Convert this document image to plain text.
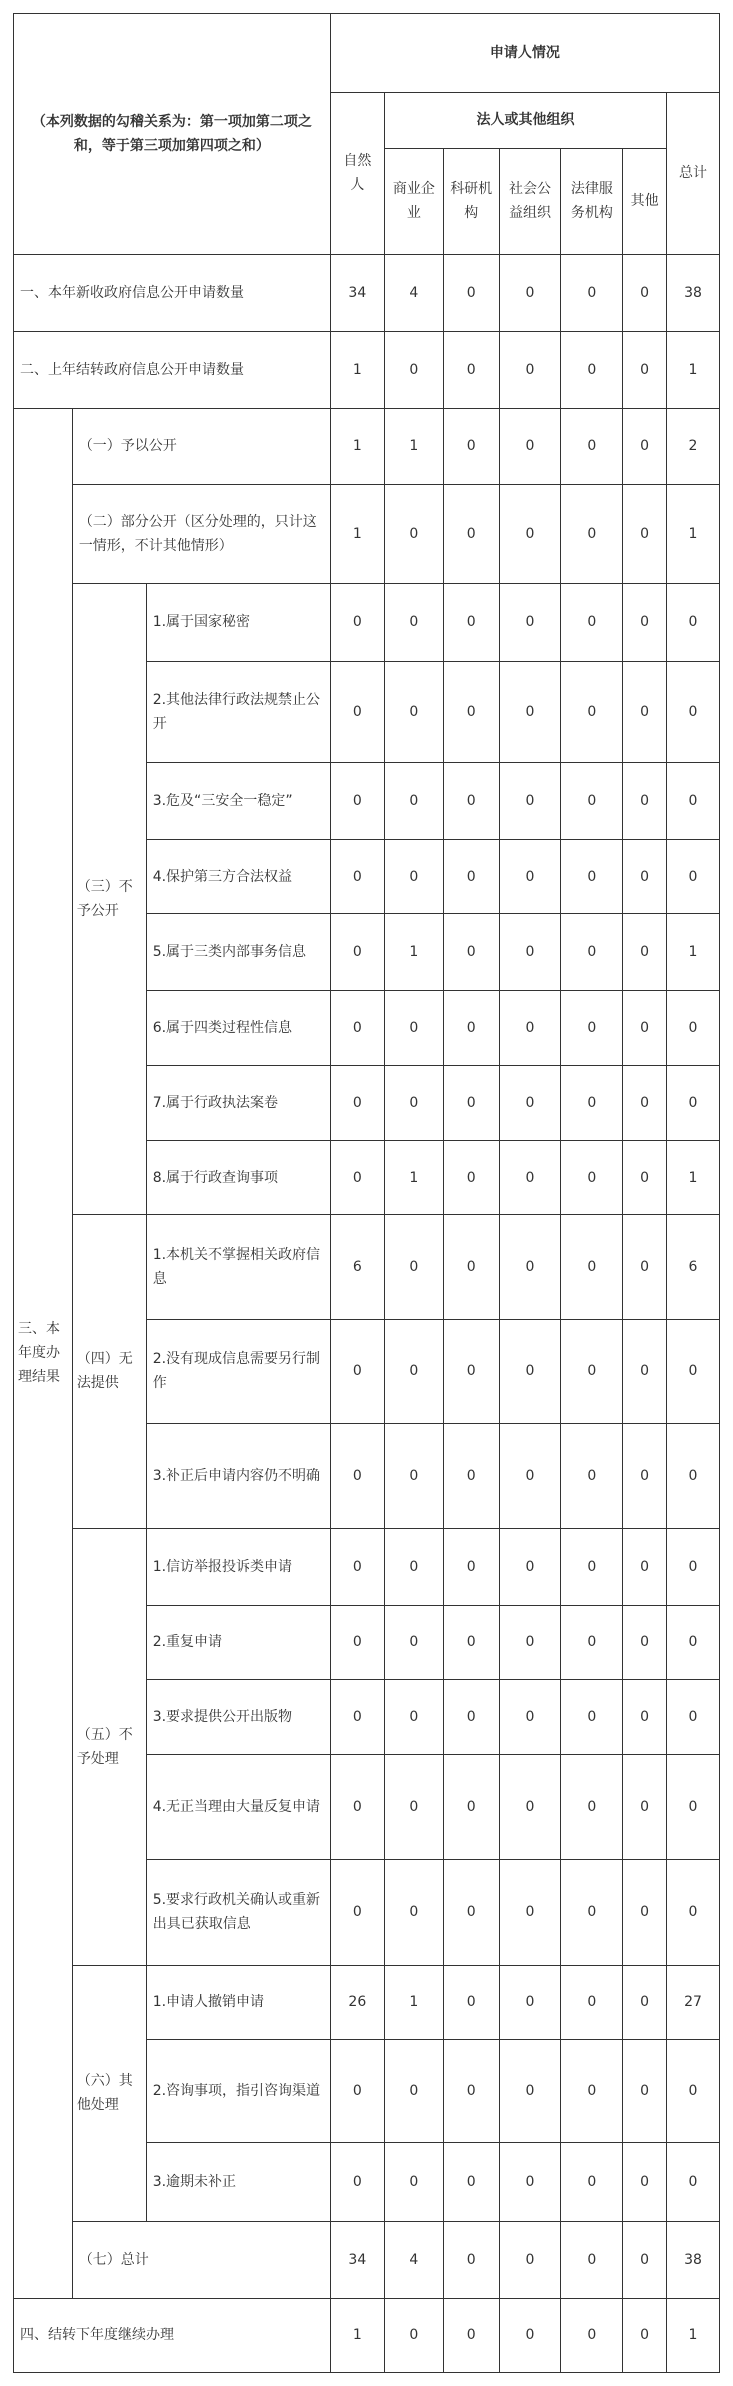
（本列数据的勾稽关系为：第一项加第二项之和，等于第三项加第四项之和）			申请人情况						
			自然人	法人或其他组织					总计
				商业企业	科研机构	社会公益组织	法律服务机构	其他	
一、本年新收政府信息公开申请数量			34	4	0	0	0	0	38
二、上年结转政府信息公开申请数量			1	0	0	0	0	0	1
三、本年度办理结果	（一）予以公开		1	1	0	0	0	0	2
	（二）部分公开（区分处理的，只计这一情形，不计其他情形）		1	0	0	0	0	0	1
	（三）不予公开	1.属于国家秘密	0	0	0	0	0	0	0
		2.其他法律行政法规禁止公开	0	0	0	0	0	0	0
		3.危及“三安全一稳定”	0	0	0	0	0	0	0
		4.保护第三方合法权益	0	0	0	0	0	0	0
		5.属于三类内部事务信息	0	1	0	0	0	0	1
		6.属于四类过程性信息	0	0	0	0	0	0	0
		7.属于行政执法案卷	0	0	0	0	0	0	0
		8.属于行政查询事项	0	1	0	0	0	0	1
	（四）无法提供	1.本机关不掌握相关政府信息	6	0	0	0	0	0	6
		2.没有现成信息需要另行制作	0	0	0	0	0	0	0
		3.补正后申请内容仍不明确	0	0	0	0	0	0	0
	（五）不予处理	1.信访举报投诉类申请	0	0	0	0	0	0	0
		2.重复申请	0	0	0	0	0	0	0
		3.要求提供公开出版物	0	0	0	0	0	0	0
		4.无正当理由大量反复申请	0	0	0	0	0	0	0
		5.要求行政机关确认或重新出具已获取信息	0	0	0	0	0	0	0
	（六）其他处理	1.申请人撤销申请	26	1	0	0	0	0	27
		2.咨询事项，指引咨询渠道	0	0	0	0	0	0	0
		3.逾期未补正	0	0	0	0	0	0	0
	（七）总计		34	4	0	0	0	0	38
四、结转下年度继续办理			1	0	0	0	0	0	1
